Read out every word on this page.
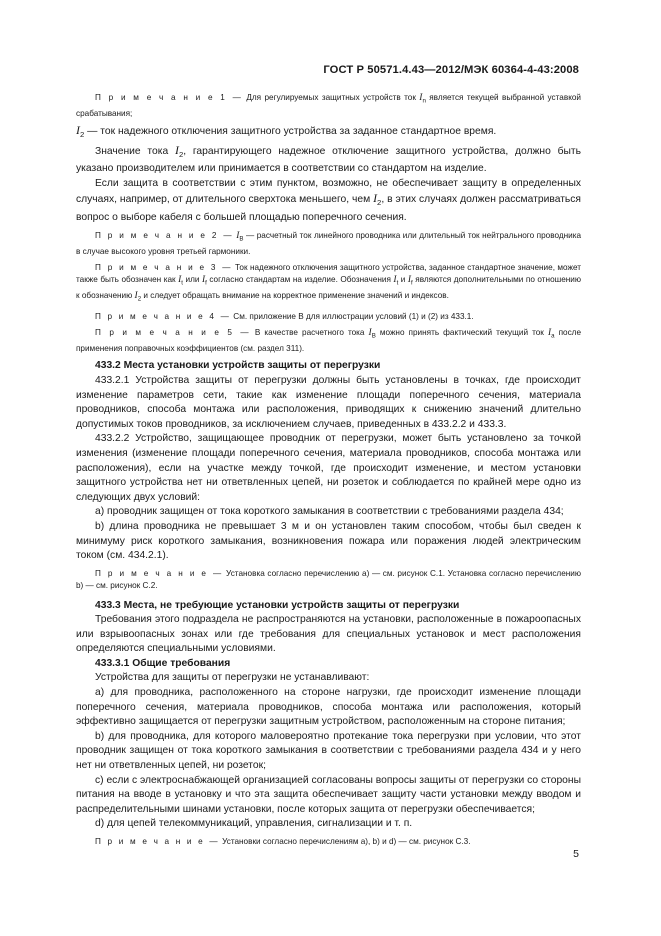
ГОСТ Р 50571.4.43—2012/МЭК 60364-4-43:2008

П р и м е ч а н и е 1 — Для регулируемых защитных устройств ток $I_n$ является текущей выбранной уставкой срабатывания;

$I_2$ — ток надежного отключения защитного устройства за заданное стандартное время.

Значение тока $I_2$, гарантирующего надежное отключение защитного устройства, должно быть указано производителем или принимается в соответствии со стандартом на изделие.

Если защита в соответствии с этим пунктом, возможно, не обеспечивает защиту в определенных случаях, например, от длительного сверхтока меньшего, чем $I_2$, в этих случаях должен рассматриваться вопрос о выборе кабеля с большей площадью поперечного сечения.

П р и м е ч а н и е 2 — $I_B$ — расчетный ток линейного проводника или длительный ток нейтрального проводника в случае высокого уровня третьей гармоники.

П р и м е ч а н и е 3 — Ток надежного отключения защитного устройства, заданное стандартное значение, может также быть обозначен как $I_t$ или $I_f$ согласно стандартам на изделие. Обозначения $I_t$ и $I_f$ являются дополнительными по отношению к обозначению $I_2$ и следует обращать внимание на корректное применение значений и индексов.

П р и м е ч а н и е 4 — См. приложение В для иллюстрации условий (1) и (2) из 433.1.

П р и м е ч а н и е 5 — В качестве расчетного тока $I_B$ можно принять фактический текущий ток $I_a$ после применения поправочных коэффициентов (см. раздел 311).

433.2 Места установки устройств защиты от перегрузки

433.2.1 Устройства защиты от перегрузки должны быть установлены в точках, где происходит изменение параметров сети, такие как изменение площади поперечного сечения, материала проводников, способа монтажа или расположения, приводящих к снижению значений длительно допустимых токов проводников, за исключением случаев, приведенных в 433.2.2 и 433.3.

433.2.2 Устройство, защищающее проводник от перегрузки, может быть установлено за точкой изменения (изменение площади поперечного сечения, материала проводников, способа монтажа или расположения), если на участке между точкой, где происходит изменение, и местом установки защитного устройства нет ни ответвленных цепей, ни розеток и соблюдается по крайней мере одно из следующих двух условий:

а) проводник защищен от тока короткого замыкания в соответствии с требованиями раздела 434;

b) длина проводника не превышает 3 м и он установлен таким способом, чтобы был сведен к минимуму риск короткого замыкания, возникновения пожара или поражения людей электрическим током (см. 434.2.1).

П р и м е ч а н и е — Установка согласно перечислению а) — см. рисунок С.1. Установка согласно перечислению b) — см. рисунок С.2.

433.3 Места, не требующие установки устройств защиты от перегрузки

Требования этого подраздела не распространяются на установки, расположенные в пожароопасных или взрывоопасных зонах или где требования для специальных установок и мест расположения определяются специальными условиями.

433.3.1 Общие требования

Устройства для защиты от перегрузки не устанавливают:

а) для проводника, расположенного на стороне нагрузки, где происходит изменение площади поперечного сечения, материала проводников, способа монтажа или расположения, который эффективно защищается от перегрузки защитным устройством, расположенным на стороне питания;

b) для проводника, для которого маловероятно протекание тока перегрузки при условии, что этот проводник защищен от тока короткого замыкания в соответствии с требованиями раздела 434 и у него нет ни ответвленных цепей, ни розеток;

с) если с электроснабжающей организацией согласованы вопросы защиты от перегрузки со стороны питания на вводе в установку и что эта защита обеспечивает защиту части установки между вводом и распределительными шинами установки, после которых защита от перегрузки обеспечивается;

d) для цепей телекоммуникаций, управления, сигнализации и т. п.

П р и м е ч а н и е — Установки согласно перечислениям а), b) и d) — см. рисунок С.3.

5
